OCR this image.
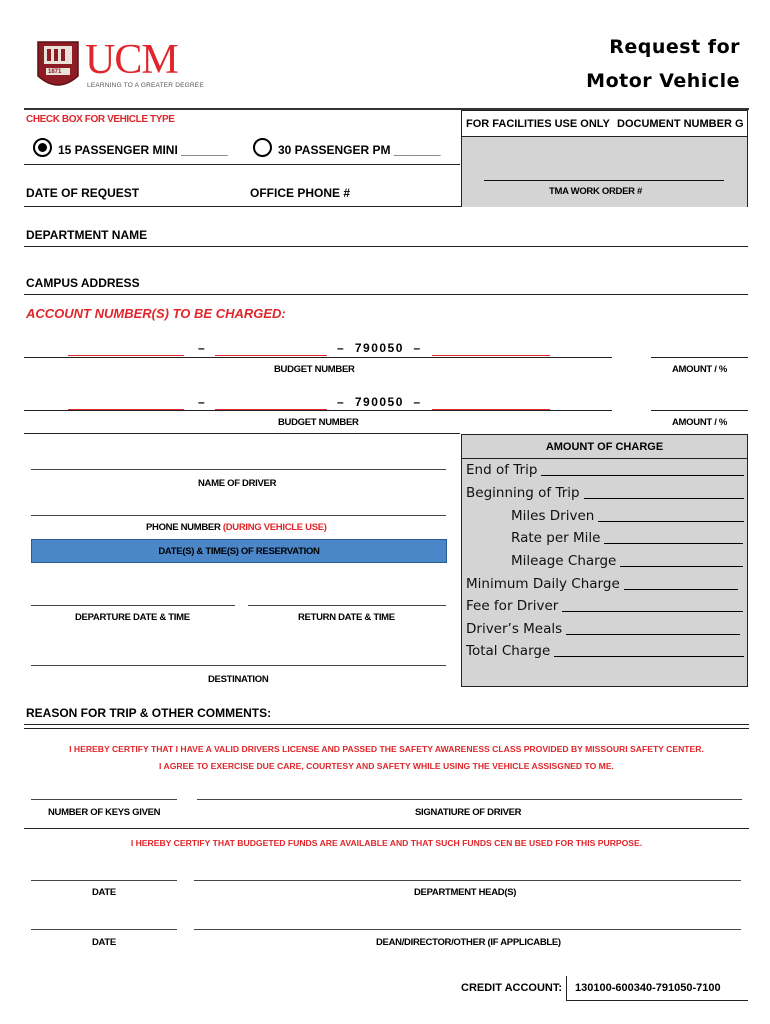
1871 UCM
LEARNING TO A GREATER DEGREE
Request for
Motor Vehicle
CHECK BOX FOR VEHICLE TYPE
15 PASSENGER MINI _______	30 PASSENGER PM _______
FOR FACILITIES USE ONLY DOCUMENT NUMBER G
TMA WORK ORDER #
DATE OF REQUEST	OFFICE PHONE #
DEPARTMENT NAME
CAMPUS ADDRESS
ACCOUNT NUMBER(S) TO BE CHARGED:
–	–  790050  –
BUDGET NUMBER	AMOUNT / %
–	–  790050  –
BUDGET NUMBER	AMOUNT / %
NAME OF DRIVER
PHONE NUMBER (DURING VEHICLE USE)
DATE(S) & TIME(S) OF RESERVATION
DEPARTURE DATE & TIME	RETURN DATE & TIME
DESTINATION
AMOUNT OF CHARGE
End of Trip
Beginning of Trip
Miles Driven
Rate per Mile
Mileage Charge
Minimum Daily Charge
Fee for Driver
Driver’s Meals
Total Charge
REASON FOR TRIP & OTHER COMMENTS:
I HEREBY CERTIFY THAT I HAVE A VALID DRIVERS LICENSE AND PASSED THE SAFETY AWARENESS CLASS PROVIDED BY MISSOURI SAFETY CENTER.
I AGREE TO EXERCISE DUE CARE, COURTESY AND SAFETY WHILE USING THE VEHICLE ASSISGNED TO ME.
NUMBER OF KEYS GIVEN	SIGNATIURE OF DRIVER
I HEREBY CERTIFY THAT BUDGETED FUNDS ARE AVAILABLE AND THAT SUCH FUNDS CEN BE USED FOR THIS PURPOSE.
DATE	DEPARTMENT HEAD(S)
DATE	DEAN/DIRECTOR/OTHER (IF APPLICABLE)
CREDIT ACCOUNT: 130100-600340-791050-7100
